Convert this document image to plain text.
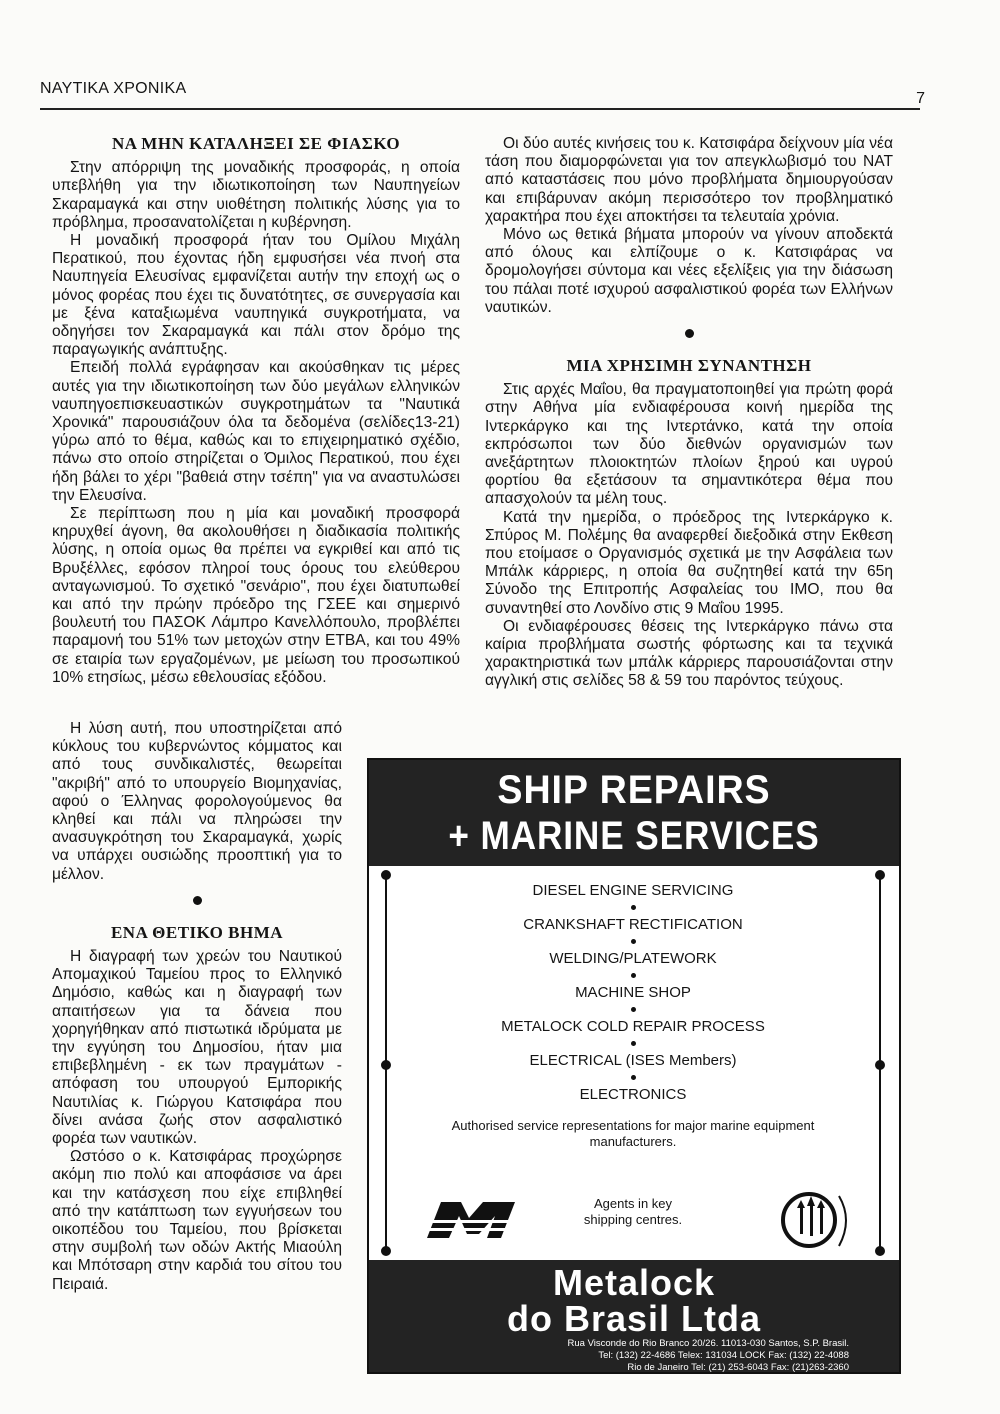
ΝΑΥΤΙΚΑ ΧΡΟΝΙΚΑ
7
ΝΑ ΜΗΝ ΚΑΤΑΛΗΞΕΙ ΣΕ ΦΙΑΣΚΟ

Στην απόρριψη της μοναδικής προσφοράς, η οποία υπεβλήθη για την ιδιωτικοποίηση των Ναυπηγείων Σκαραμαγκά και στην υιοθέτηση πολιτικής λύσης για το πρόβλημα, προσανατολίζεται η κυβέρνηση.

Η μοναδική προσφορά ήταν του Ομίλου Μιχάλη Περατικού, που έχοντας ήδη εμφυσήσει νέα πνοή στα Ναυπηγεία Ελευσίνας εμφανίζεται αυτήν την εποχή ως ο μόνος φορέας που έχει τις δυνατότητες, σε συνεργασία και με ξένα καταξιωμένα ναυπηγικά συγκροτήματα, να οδηγήσει τον Σκαραμαγκά και πάλι στον δρόμο της παραγωγικής ανάπτυξης.

Επειδή πολλά εγράφησαν και ακούσθηκαν τις μέρες αυτές για την ιδιωτικοποίηση των δύο μεγάλων ελληνικών ναυπηγοεπισκευαστικών συγκροτημάτων τα "Ναυτικά Χρονικά" παρουσιάζουν όλα τα δεδομένα (σελίδες13-21) γύρω από το θέμα, καθώς και το επιχειρηματικό σχέδιο, πάνω στο οποίο στηρίζεται ο Όμιλος Περατικού, που έχει ήδη βάλει το χέρι "βαθειά στην τσέπη" για να αναστυλώσει την Ελευσίνα.

Σε περίπτωση που η μία και μοναδική προσφορά κηρυχθεί άγονη, θα ακολουθήσει η διαδικασία πολιτικής λύσης, η οποία ομως θα πρέπει να εγκριθεί και από τις Βρυξέλλες, εφόσον πληροί τους όρους του ελεύθερου ανταγωνισμού. Το σχετικό "σενάριο", που έχει διατυπωθεί και από την πρώην πρόεδρο της ΓΣΕΕ και σημερινό βουλευτή του ΠΑΣΟΚ Λάμπρο Κανελλόπουλο, προβλέπει παραμονή του 51% των μετοχών στην ΕΤΒΑ, και του 49% σε εταιρία των εργαζομένων, με μείωση του προσωπικού 10% ετησίως, μέσω εθελουσίας εξόδου.

Η λύση αυτή, που υποστηρίζεται από κύκλους του κυβερνώντος κόμματος και από τους συνδικαλιστές, θεωρείται "ακριβή" από το υπουργείο Βιομηχανίας, αφού ο Έλληνας φορολογούμενος θα κληθεί και πάλι να πληρώσει την ανασυγκρότηση του Σκαραμαγκά, χωρίς να υπάρχει ουσιώδης προοπτική για το μέλλον.

ΕΝΑ ΘΕΤΙΚΟ ΒΗΜΑ

Η διαγραφή των χρεών του Ναυτικού Απομαχικού Ταμείου προς το Ελληνικό Δημόσιο, καθώς και η διαγραφή των απαιτήσεων για τα δάνεια που χορηγήθηκαν από πιστωτικά ιδρύματα με την εγγύηση του Δημοσίου, ήταν μια επιβεβλημένη - εκ των πραγμάτων - απόφαση του υπουργού Εμπορικής Ναυτιλίας κ. Γιώργου Κατσιφάρα που δίνει ανάσα ζωής στον ασφαλιστικό φορέα των ναυτικών.

Ωστόσο ο κ. Κατσιφάρας προχώρησε ακόμη πιο πολύ και αποφάσισε να άρει και την κατάσχεση που είχε επιβληθεί από την κατάπτωση των εγγυήσεων του οικοπέδου του Ταμείου, που βρίσκεται στην συμβολή των οδών Ακτής Μιαούλη και Μπότσαρη στην καρδιά του σίτου του Πειραιά.

Οι δύο αυτές κινήσεις του κ. Κατσιφάρα δείχνουν μία νέα τάση που διαμορφώνεται για τον απεγκλωβισμό του ΝΑΤ από καταστάσεις που μόνο προβλήματα δημιουργούσαν και επιβάρυναν ακόμη περισσότερο τον προβληματικό χαρακτήρα που έχει αποκτήσει τα τελευταία χρόνια.

Μόνο ως θετικά βήματα μπορούν να γίνουν αποδεκτά από όλους και ελπίζουμε ο κ. Κατσιφάρας να δρομολογήσει σύντομα και νέες εξελίξεις για την διάσωση του πάλαι ποτέ ισχυρού ασφαλιστικού φορέα των Ελλήνων ναυτικών.

ΜΙΑ ΧΡΗΣΙΜΗ ΣΥΝΑΝΤΗΣΗ

Στις αρχές Μαΐου, θα πραγματοποιηθεί για πρώτη φορά στην Αθήνα μία ενδιαφέρουσα κοινή ημερίδα της Ιντερκάργκο και της Ιντερτάνκο, κατά την οποία εκπρόσωποι των δύο διεθνών οργανισμών των ανεξάρτητων πλοιοκτητών πλοίων ξηρού και υγρού φορτίου θα εξετάσουν τα σημαντικότερα θέμα που απασχολούν τα μέλη τους.

Κατά την ημερίδα, ο πρόεδρος της Ιντερκάργκο κ. Σπύρος Μ. Πολέμης θα αναφερθεί διεξοδικά στην Εκθεση που ετοίμασε ο Οργανισμός σχετικά με την Ασφάλεια των Μπάλκ κάρριερς, η οποία θα συζητηθεί κατά την 65η Σύνοδο της Επιτροπής Ασφαλείας του ΙΜΟ, που θα συναντηθεί στο Λονδίνο στις 9 Μαΐου 1995.

Οι ενδιαφέρουσες θέσεις της Ιντερκάργκο πάνω στα καίρια προβλήματα σωστής φόρτωσης και τα τεχνικά χαρακτηριστικά των μπάλκ κάρριερς παρουσιάζονται στην αγγλική στις σελίδες 58 & 59 του παρόντος τεύχους.

SHIP REPAIRS
+ MARINE SERVICES
DIESEL ENGINE SERVICING
CRANKSHAFT RECTIFICATION
WELDING/PLATEWORK
MACHINE SHOP
METALOCK COLD REPAIR PROCESS
ELECTRICAL (ISES Members)
ELECTRONICS
Authorised service representations for major marine equipment manufacturers.
Agents in key shipping centres.
Metalock
do Brasil Ltda
Rua Visconde do Rio Branco 20/26. 11013-030 Santos, S.P. Brasil.
Tel: (132) 22-4686 Telex: 131034 LOCK Fax: (132) 22-4088
Rio de Janeiro Tel: (21) 253-6043 Fax: (21)263-2360
